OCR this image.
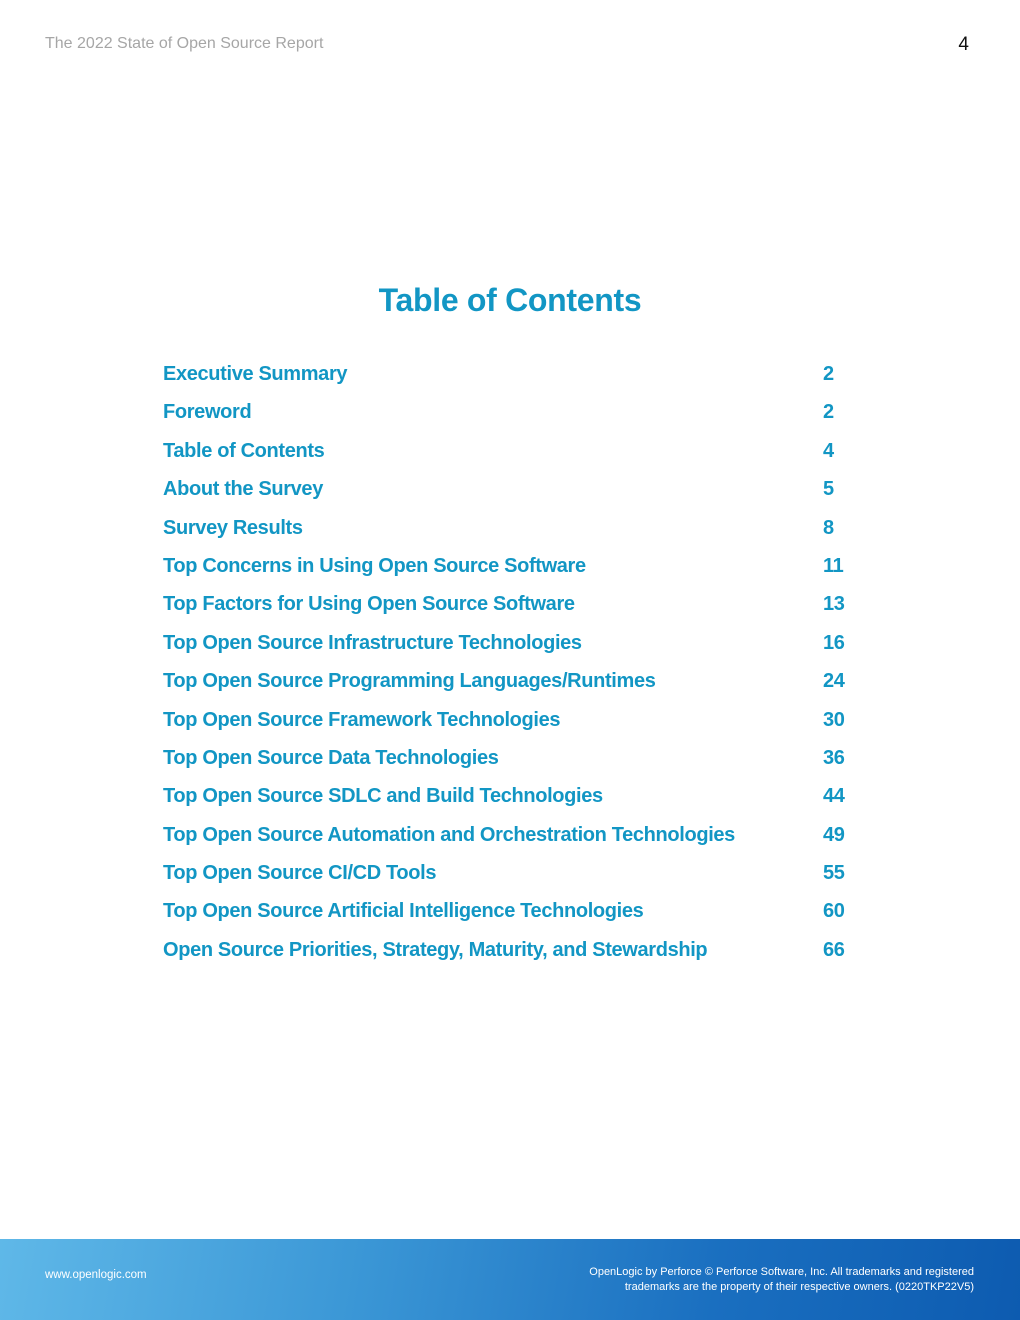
The 2022 State of Open Source Report	4
Table of Contents
Executive Summary	2
Foreword	2
Table of Contents	4
About the Survey	5
Survey Results	8
Top Concerns in Using Open Source Software	11
Top Factors for Using Open Source Software	13
Top Open Source Infrastructure Technologies	16
Top Open Source Programming Languages/Runtimes	24
Top Open Source Framework Technologies	30
Top Open Source Data Technologies	36
Top Open Source SDLC and Build Technologies	44
Top Open Source Automation and Orchestration Technologies	49
Top Open Source CI/CD Tools	55
Top Open Source Artificial Intelligence Technologies	60
Open Source Priorities, Strategy, Maturity, and Stewardship	66
www.openlogic.com	OpenLogic by Perforce © Perforce Software, Inc. All trademarks and registered
trademarks are the property of their respective owners. (0220TKP22V5)
